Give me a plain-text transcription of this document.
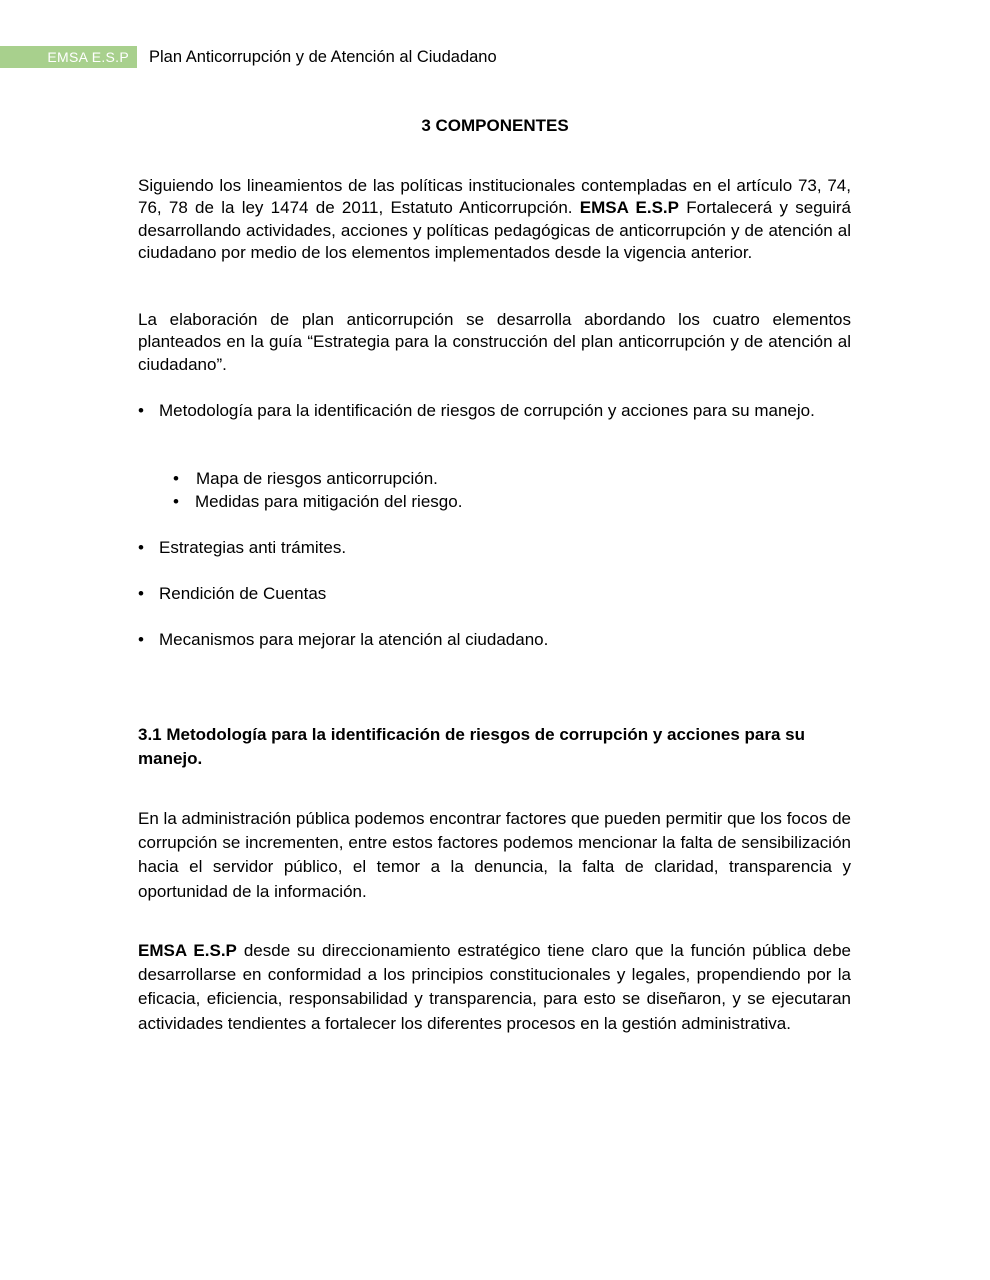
EMSA E.S.P	Plan Anticorrupción y de Atención al Ciudadano
3 COMPONENTES

Siguiendo los lineamientos de las políticas institucionales contempladas en el artículo 73, 74, 76, 78 de la ley 1474 de 2011, Estatuto Anticorrupción. EMSA E.S.P Fortalecerá y seguirá desarrollando actividades, acciones y políticas pedagógicas de anticorrupción y de atención al ciudadano por medio de los elementos implementados desde la vigencia anterior.

La elaboración de plan anticorrupción se desarrolla abordando los cuatro elementos planteados en la guía “Estrategia para la construcción del plan anticorrupción y de atención al ciudadano”.

• Metodología para la identificación de riesgos de corrupción y acciones para su manejo.
•	Mapa de riesgos anticorrupción.
• Medidas para mitigación del riesgo.
• Estrategias anti trámites.
• Rendición de Cuentas
• Mecanismos para mejorar la atención al ciudadano.

3.1 Metodología para la identificación de riesgos de corrupción y acciones para su manejo.

En la administración pública podemos encontrar factores que pueden permitir que los focos de corrupción se incrementen, entre estos factores podemos mencionar la falta de sensibilización hacia el servidor público, el temor a la denuncia, la falta de claridad, transparencia y oportunidad de la información.

EMSA E.S.P desde su direccionamiento estratégico tiene claro que la función pública debe desarrollarse en conformidad a los principios constitucionales y legales, propendiendo por la eficacia, eficiencia, responsabilidad y transparencia, para esto se diseñaron, y se ejecutaran actividades tendientes a fortalecer los diferentes procesos en la gestión administrativa.
